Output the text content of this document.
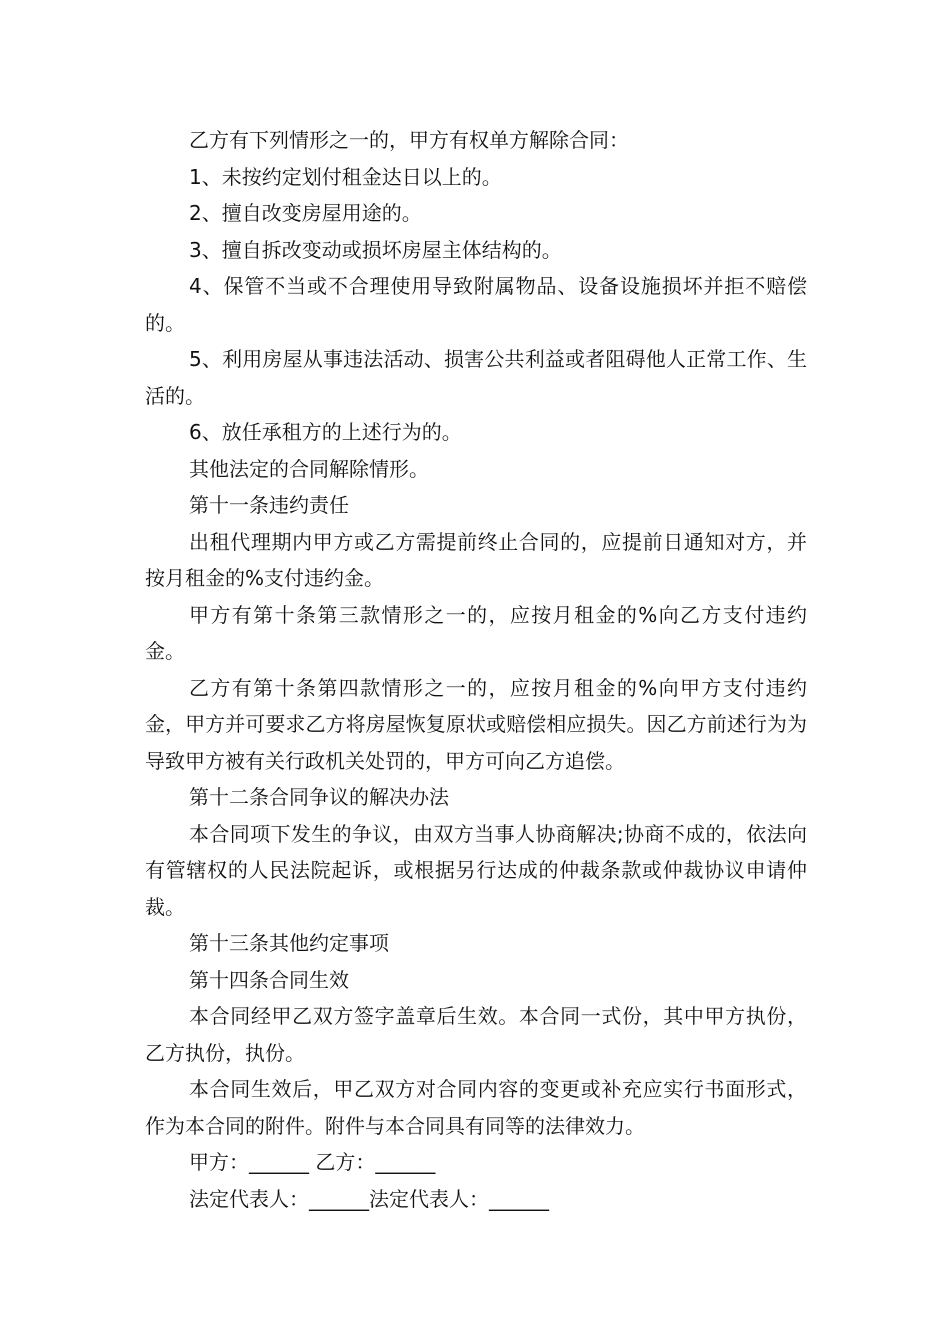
乙方有下列情形之一的，甲方有权单方解除合同：

1、未按约定划付租金达日以上的。

2、擅自改变房屋用途的。

3、擅自拆改变动或损坏房屋主体结构的。

4、保管不当或不合理使用导致附属物品、设备设施损坏并拒不赔偿的。

5、利用房屋从事违法活动、损害公共利益或者阻碍他人正常工作、生活的。

6、放任承租方的上述行为的。

其他法定的合同解除情形。

第十一条违约责任

出租代理期内甲方或乙方需提前终止合同的，应提前日通知对方，并按月租金的%支付违约金。

甲方有第十条第三款情形之一的，应按月租金的%向乙方支付违约金。

乙方有第十条第四款情形之一的，应按月租金的%向甲方支付违约金，甲方并可要求乙方将房屋恢复原状或赔偿相应损失。因乙方前述行为为导致甲方被有关行政机关处罚的，甲方可向乙方追偿。

第十二条合同争议的解决办法

本合同项下发生的争议，由双方当事人协商解决;协商不成的，依法向有管辖权的人民法院起诉，或根据另行达成的仲裁条款或仲裁协议申请仲裁。

第十三条其他约定事项

第十四条合同生效

本合同经甲乙双方签字盖章后生效。本合同一式份，其中甲方执份，乙方执份，执份。

本合同生效后，甲乙双方对合同内容的变更或补充应实行书面形式，作为本合同的附件。附件与本合同具有同等的法律效力。

甲方：______ 乙方：______

法定代表人：______法定代表人：______
